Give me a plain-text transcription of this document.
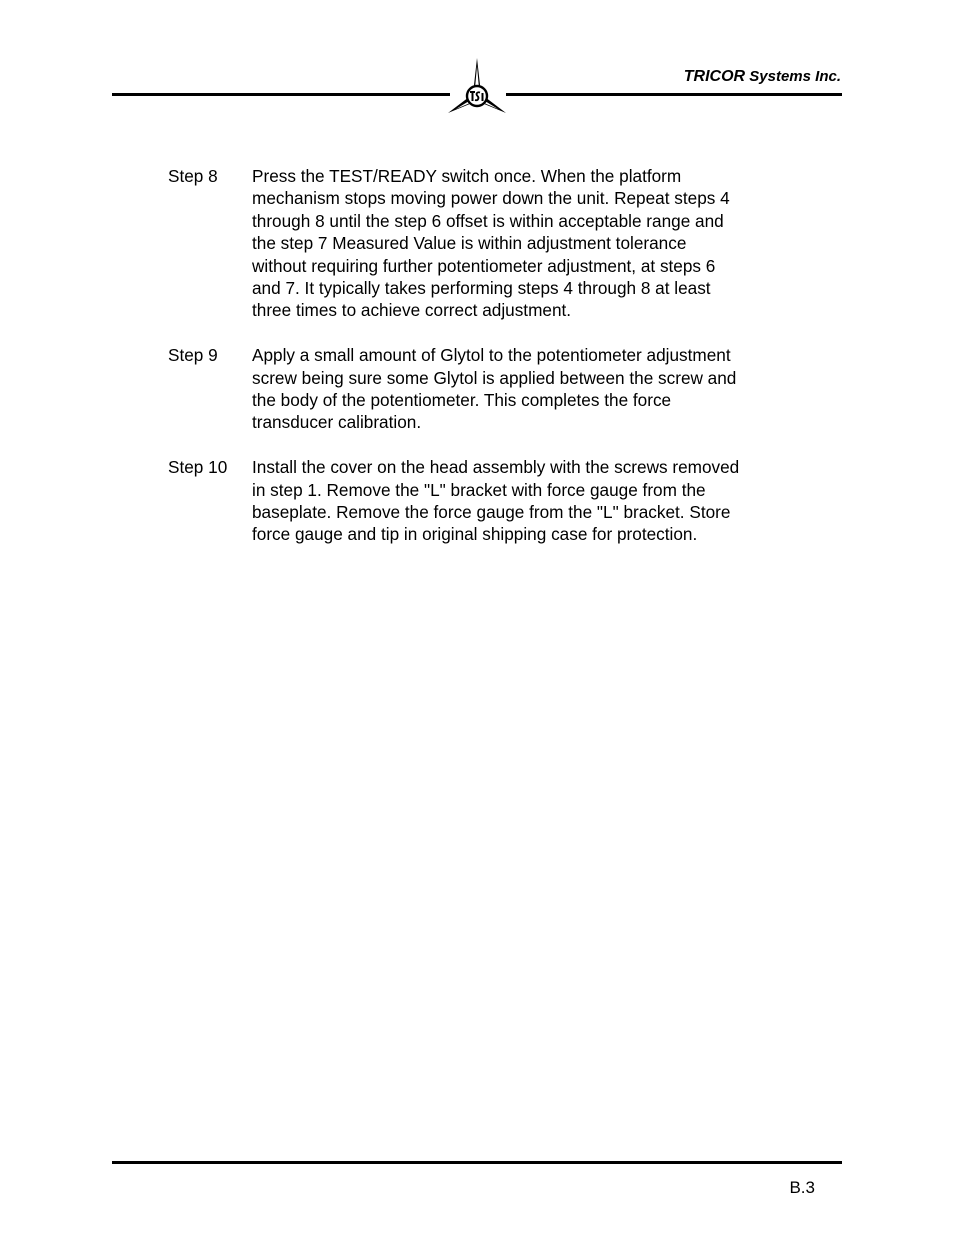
TRICOR Systems Inc.
Step 8	Press the TEST/READY switch once. When the platform
mechanism stops moving power down the unit. Repeat steps 4
through 8 until the step 6 offset is within acceptable range and
the step 7 Measured Value is within adjustment tolerance
without requiring further potentiometer adjustment, at steps 6
and 7. It typically takes performing steps 4 through 8 at least
three times to achieve correct adjustment.
Step 9	Apply a small amount of Glytol to the potentiometer adjustment
screw being sure some Glytol is applied between the screw and
the body of the potentiometer. This completes the force
transducer calibration.
Step 10	Install the cover on the head assembly with the screws removed
in step 1. Remove the "L" bracket with force gauge from the
baseplate. Remove the force gauge from the "L" bracket. Store
force gauge and tip in original shipping case for protection.
B.3
